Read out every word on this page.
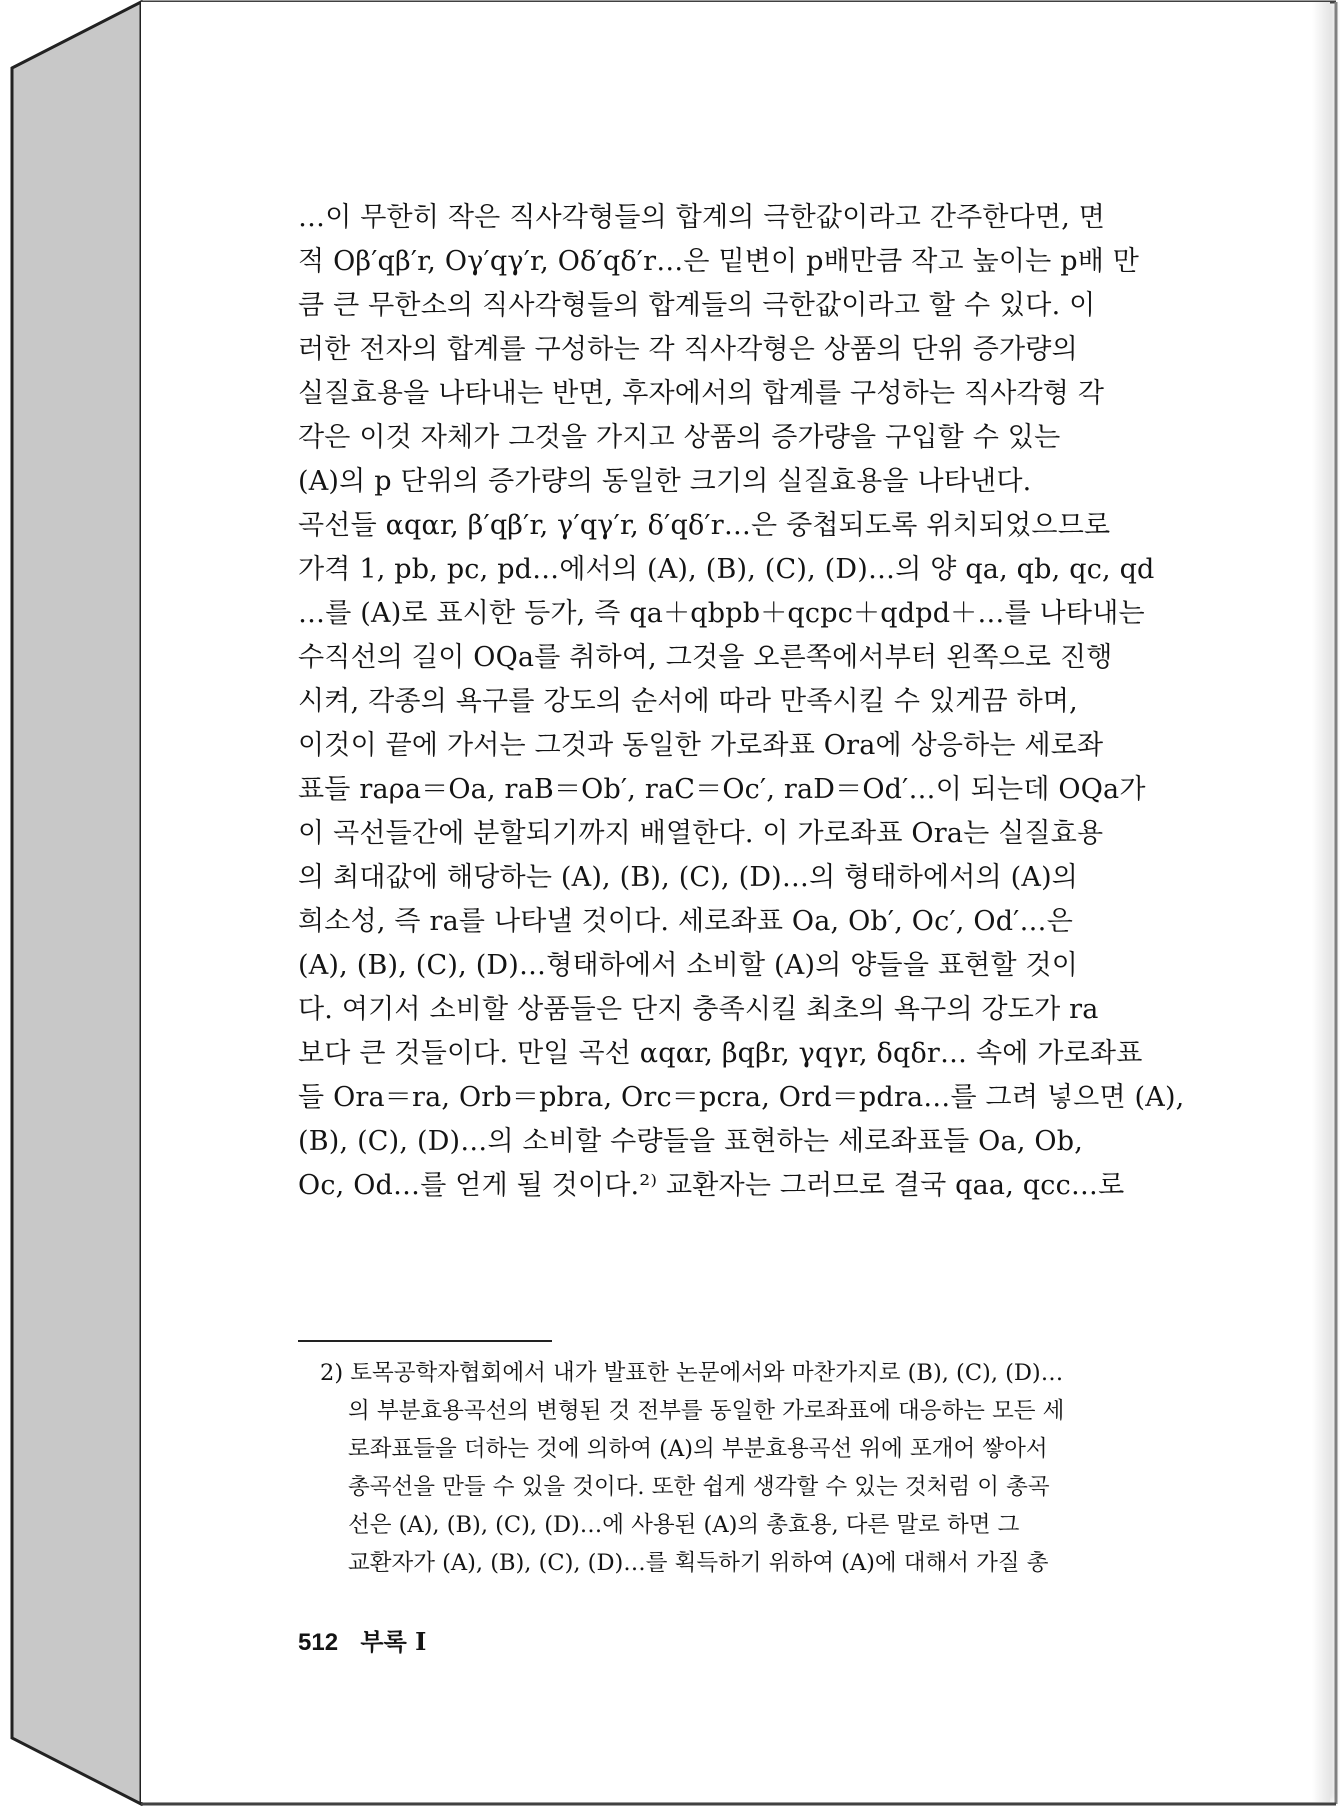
…이 무한히 작은 직사각형들의 합계의 극한값이라고 간주한다면, 면
적 Oβ′qβ′r, Oγ′qγ′r, Oδ′qδ′r…은 밑변이 p배만큼 작고 높이는 p배 만
큼 큰 무한소의 직사각형들의 합계들의 극한값이라고 할 수 있다. 이
러한 전자의 합계를 구성하는 각 직사각형은 상품의 단위 증가량의
실질효용을 나타내는 반면, 후자에서의 합계를 구성하는 직사각형 각
각은 이것 자체가 그것을 가지고 상품의 증가량을 구입할 수 있는
(A)의 p 단위의 증가량의 동일한 크기의 실질효용을 나타낸다.
곡선들 αqαr, β′qβ′r, γ′qγ′r, δ′qδ′r…은 중첩되도록 위치되었으므로
가격 1, pb, pc, pd…에서의 (A), (B), (C), (D)…의 양 qa, qb, qc, qd
…를 (A)로 표시한 등가, 즉 qa＋qbpb＋qcpc＋qdpd＋…를 나타내는
수직선의 길이 OQa를 취하여, 그것을 오른쪽에서부터 왼쪽으로 진행
시켜, 각종의 욕구를 강도의 순서에 따라 만족시킬 수 있게끔 하며,
이것이 끝에 가서는 그것과 동일한 가로좌표 Ora에 상응하는 세로좌
표들 raρa＝Oa, raB＝Ob′, raC＝Oc′, raD＝Od′…이 되는데 OQa가
이 곡선들간에 분할되기까지 배열한다. 이 가로좌표 Ora는 실질효용
의 최대값에 해당하는 (A), (B), (C), (D)…의 형태하에서의 (A)의
희소성, 즉 ra를 나타낼 것이다. 세로좌표 Oa, Ob′, Oc′, Od′…은
(A), (B), (C), (D)…형태하에서 소비할 (A)의 양들을 표현할 것이
다. 여기서 소비할 상품들은 단지 충족시킬 최초의 욕구의 강도가 ra
보다 큰 것들이다. 만일 곡선 αqαr, βqβr, γqγr, δqδr… 속에 가로좌표
들 Ora＝ra, Orb＝pbra, Orc＝pcra, Ord＝pdra…를 그려 넣으면 (A),
(B), (C), (D)…의 소비할 수량들을 표현하는 세로좌표들 Oa, Ob,
Oc, Od…를 얻게 될 것이다.²⁾ 교환자는 그러므로 결국 qaa, qcc…로
2) 토목공학자협회에서 내가 발표한 논문에서와 마찬가지로 (B), (C), (D)…
의 부분효용곡선의 변형된 것 전부를 동일한 가로좌표에 대응하는 모든 세
로좌표들을 더하는 것에 의하여 (A)의 부분효용곡선 위에 포개어 쌓아서
총곡선을 만들 수 있을 것이다. 또한 쉽게 생각할 수 있는 것처럼 이 총곡
선은 (A), (B), (C), (D)…에 사용된 (A)의 총효용, 다른 말로 하면 그
교환자가 (A), (B), (C), (D)…를 획득하기 위하여 (A)에 대해서 가질 총
512 부록 I
